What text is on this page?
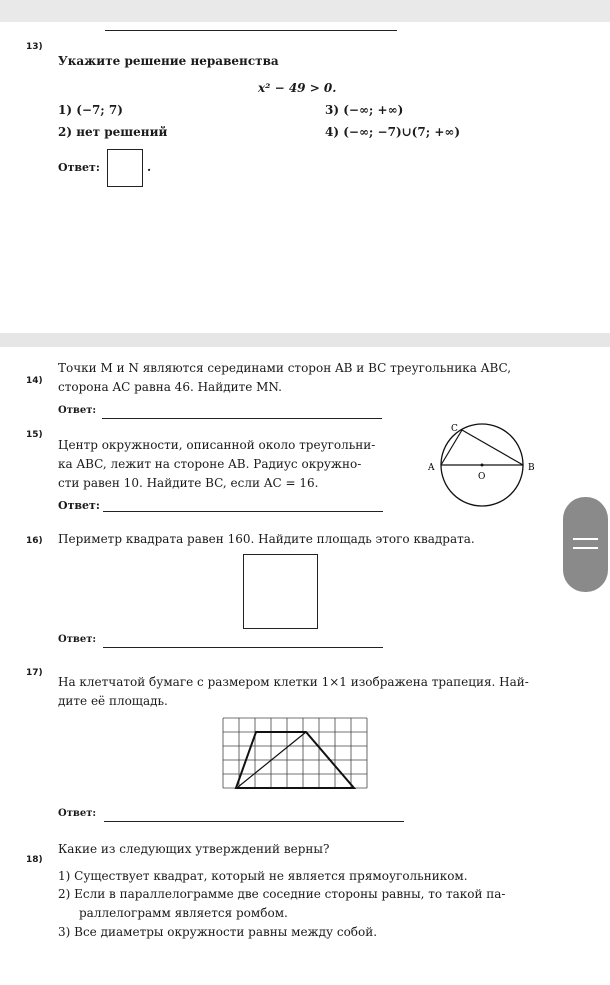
13)
Укажите решение неравенства
x² − 49 > 0.
1) (−7; 7)	3) (−∞; +∞)
2) нет решений	4) (−∞; −7)∪(7; +∞)
Ответ:	.
14)
Точки M и N являются серединами сторон AB и BC треугольника ABC,
сторона AC равна 46. Найдите MN.
Ответ:
15)
Центр окружности, описанной около треугольни-
ка ABC, лежит на стороне AB. Радиус окружно-
сти равен 10. Найдите BC, если AC = 16.
Ответ:
A	B
C
O
16) Периметр квадрата равен 160. Найдите площадь этого квадрата.
Ответ:
17)
На клетчатой бумаге с размером клетки 1×1 изображена трапеция. Най-
дите её площадь.
Ответ:
18)
Какие из следующих утверждений верны?
1) Существует квадрат, который не является прямоугольником.
2) Если в параллелограмме две соседние стороны равны, то такой па-
раллелограмм является ромбом.
3) Все диаметры окружности равны между собой.
